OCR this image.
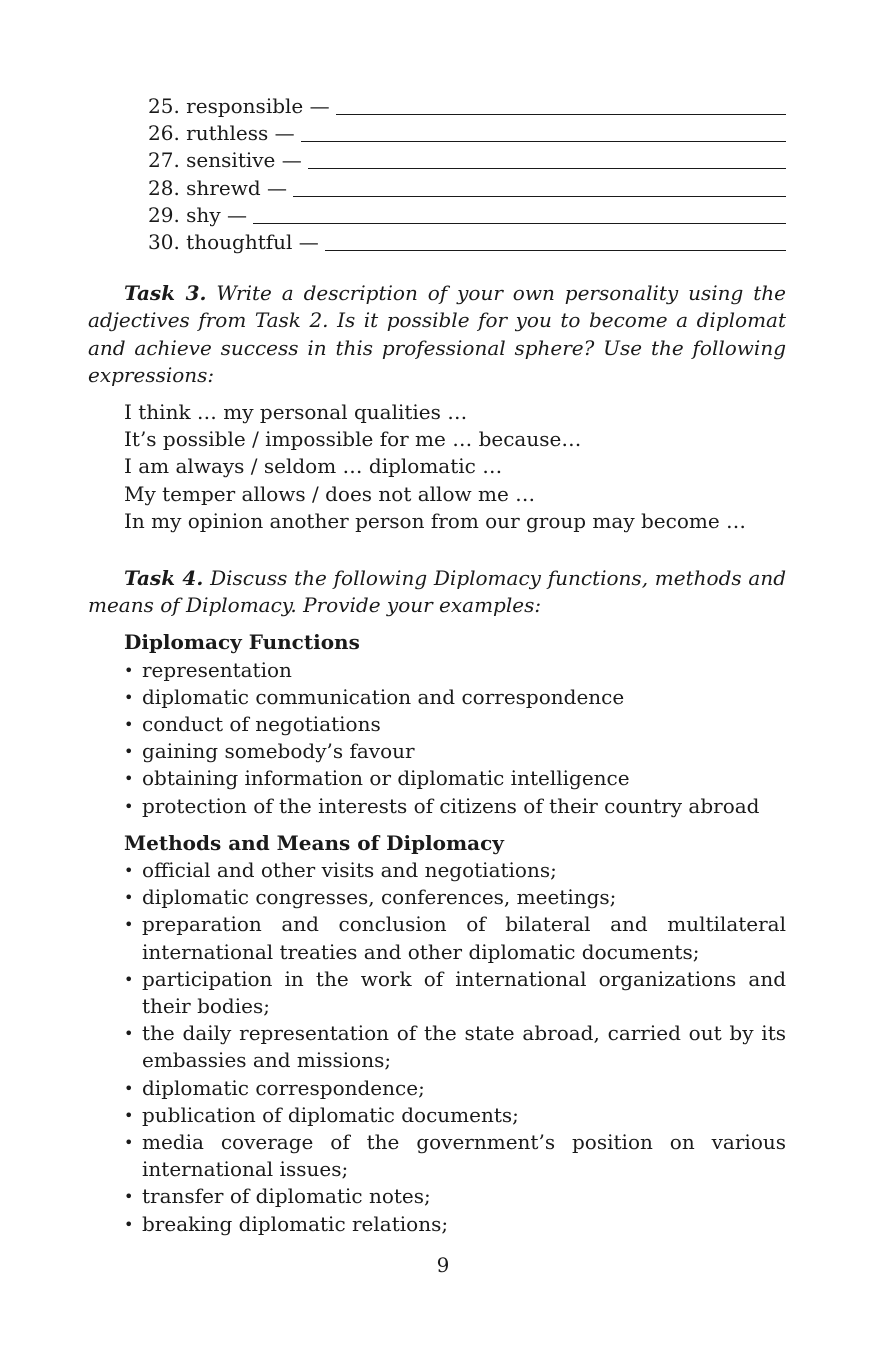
25.
responsible —
26.
ruthless —
27.
sensitive —
28.
shrewd —
29.
shy —
30.
thoughtful —
Task 3. Write a description of your own personality using the adjectives from Task 2. Is it possible for you to become a diplomat and achieve success in this professional sphere? Use the following expressions:
I think … my personal qualities …
It’s possible / impossible for me … because…
I am always / seldom … diplomatic …
My temper allows / does not allow me …
In my opinion another person from our group may become …
Task 4. Discuss the following Diplomacy functions, methods and means of Diplomacy. Provide your examples:
Diplomacy Functions
• representation
• diplomatic communication and correspondence
• conduct of negotiations
• gaining somebody’s favour
• obtaining information or diplomatic intelligence
• protection of the interests of citizens of their country abroad
Methods and Means of Diplomacy
• official and other visits and negotiations;
• diplomatic congresses, conferences, meetings;
• preparation and conclusion of bilateral and multilateral international treaties and other diplomatic documents;
• participation in the work of international organizations and their bodies;
• the daily representation of the state abroad, carried out by its embassies and missions;
• diplomatic correspondence;
• publication of diplomatic documents;
• media coverage of the government’s position on various international issues;
• transfer of diplomatic notes;
• breaking diplomatic relations;
9
